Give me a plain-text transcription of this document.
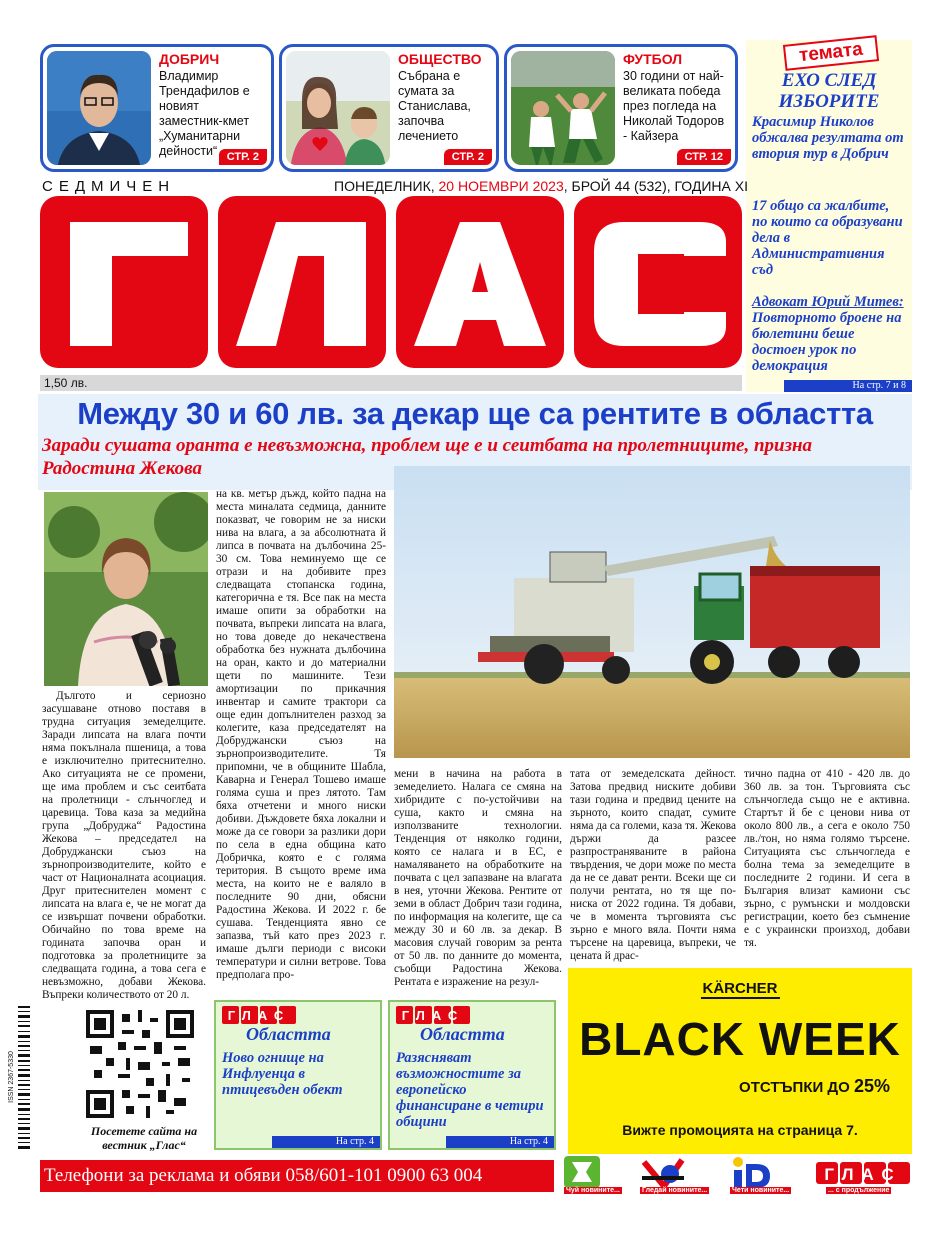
ДОБРИЧ
Владимир Трендафилов е новият заместник-кмет „Хуманитарни дейности“ СТР. 2
ОБЩЕСТВО
Събрана е сумата за Станислава, започва лечението
СТР. 2
ФУТБОЛ
30 години от най-великата победа през погледа на Николай Тодоров - Кайзера
СТР. 12
темата
ЕХО СЛЕД ИЗБОРИТЕ

Красимир Николов обжалва резултата от втория тур в Добрич

17 общо са жалбите, по които са образувани дела в Административния съд

Адвокат Юрий Митев:
Повторното броене на бюлетини беше достоен урок по демокрация

На стр. 7 и 8
СЕДМИЧЕН	ПОНЕДЕЛНИК, 20 НОЕМВРИ 2023, БРОЙ 44 (532), ГОДИНА XI
ГЛАС
1,50 лв.
Между 30 и 60 лв. за декар ще са рентите в областта
Заради сушата оранта е невъзможна, проблем ще е и сеитбата на пролетниците, призна Радостина Жекова

Дългото и сериозно засушаване отново поставя в трудна ситуация земеделците. Заради липсата на влага почти няма покълнала пшеница, а това е изключително притеснително. Ако ситуацията не се промени, ще има проблем и със сеитбата на пролетници - слънчоглед и царевица. Това каза за медийна група „Добруджа“ Радостина Жекова – председател на Добруджански съюз на зърнопроизводителите, който е част от Националната асоциация. Друг притеснителен момент с липсата на влага е, че не могат да се извършат почвени обработки. Обичайно по това време на годината започва оран и подготовка за пролетниците за следващата година, а това сега е невъзможно, добави Жекова. Въпреки количеството от 20 л.

на кв. метър дъжд, който падна на места миналата седмица, данните показват, че говорим не за ниски нива на влага, а за абсолютната й липса в почвата на дълбочина 25-30 см. Това неминуемо ще се отрази и на добивите през следващата стопанска година, категорична е тя. Все пак на места имаше опити за обработки на почвата, въпреки липсата на влага, но това доведе до некачествена обработка без нужната дълбочина на оран, както и до материални щети по машините. Тези амортизации по прикачния инвентар и самите трактори са още един допълнителен разход за колегите, каза председателят на Добруджански съюз на зърнопроизводителите. Тя припомни, че в общините Шабла, Каварна и Генерал Тошево имаше голяма суша и през лятото. Там бяха отчетени и много ниски добиви. Дъждовете бяха локални и може да се говори за разлики дори по села в една община като Добричка, която е с голяма територия. В същото време има места, на които не е валяло в последните 90 дни, обясни Радостина Жекова. И 2022 г. бе сушава. Тенденцията явно се запазва, тъй като през 2023 г. имаше дълги периоди с високи температури и силни ветрове. Това предполага про-

мени в начина на работа в земеделието. Налага се смяна на хибридите с по-устойчиви на суша, както и смяна на използваните технологии. Тенденция от няколко години, която се налага и в ЕС, е намаляването на обработките на почвата с цел запазване на влагата в нея, уточни Жекова. Рентите от земи в област Добрич тази година, по информация на колегите, ще са между 30 и 60 лв. за декар. В масовия случай говорим за рента от 50 лв. по данните до момента, съобщи Радостина Жекова. Рентата е изражение на резул-

тата от земеделската дейност. Затова предвид ниските добиви тази година и предвид цените на зърното, които спадат, сумите няма да са големи, каза тя. Жекова държи да разсее разпространяваните в района твърдения, че дори може по места да не се дават ренти. Всеки ще си получи рентата, но тя ще по-ниска от 2022 година. Тя добави, че в момента търговията със зърно е много вяла. Почти няма търсене на царевица, въпреки, че цената й драс-

тично падна от 410 - 420 лв. до 360 лв. за тон. Търговията със слънчогледа също не е активна. Стартът й бе с ценови нива от около 800 лв., а сега е около 750 лв./тон, но няма голямо търсене. Ситуацията със слънчогледа е болна тема за земеделците в последните 2 години. И сега в България влизат камиони със зърно, с румънски и молдовски регистрации, което без съмнение е с украински произход, добави тя.

ISSN 2367-5330
Посетете сайта на вестник „Глас“
ГЛАС
Областта
Ново огнище на Инфлуенца в птицевъден обект
На стр. 4
ГЛАС
Областта
Разясняват възможностите за европейско финансиране в четири общини
На стр. 4
KÄRCHER
BLACK WEEK
ОТСТЪПКИ ДО 25%
Вижте промоцията на страница 7.
Телефони за реклама и обяви 058/601-101 0900 63 004
Чуй новините...	Гледай новините...	Чети новините...
ГЛАС
... с продължение
